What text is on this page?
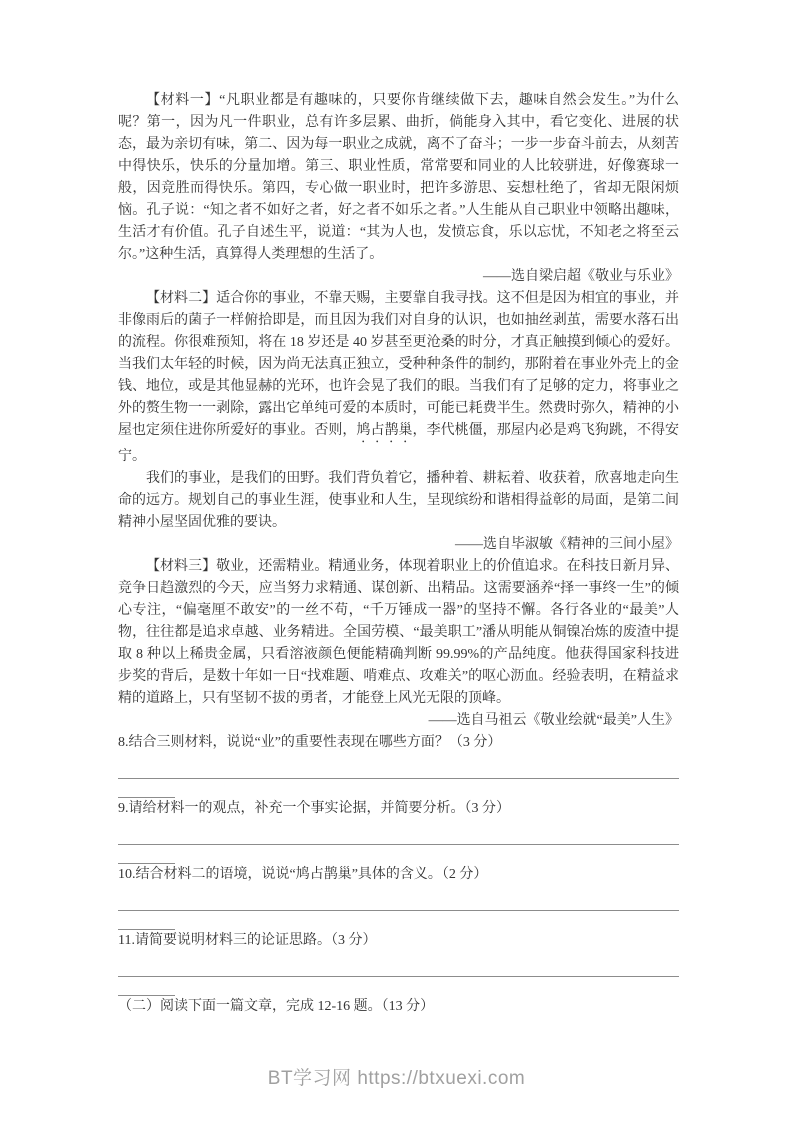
【材料一】“凡职业都是有趣味的，只要你肯继续做下去，趣味自然会发生。”为什么呢？第一，因为凡一件职业，总有许多层累、曲折，倘能身入其中，看它变化、进展的状态，最为亲切有味，第二、因为每一职业之成就，离不了奋斗；一步一步奋斗前去，从刻苦中得快乐，快乐的分量加增。第三、职业性质，常常要和同业的人比较骈进，好像赛球一般，因竞胜而得快乐。第四，专心做一职业时，把许多游思、妄想杜绝了，省却无限闲烦恼。孔子说：“知之者不如好之者，好之者不如乐之者。”人生能从自己职业中领略出趣味，生活才有价值。孔子自述生平，说道：“其为人也，发愤忘食，乐以忘忧，不知老之将至云尔。”这种生活，真算得人类理想的生活了。

——选自梁启超《敬业与乐业》

【材料二】适合你的事业，不靠天赐，主要靠自我寻找。这不但是因为相宜的事业，并非像雨后的菌子一样俯拾即是，而且因为我们对自身的认识，也如抽丝剥茧，需要水落石出的流程。你很难预知，将在 18 岁还是 40 岁甚至更沧桑的时分，才真正触摸到倾心的爱好。当我们太年轻的时候，因为尚无法真正独立，受种种条件的制约，那附着在事业外壳上的金钱、地位，或是其他显赫的光环，也许会晃了我们的眼。当我们有了足够的定力，将事业之外的赘生物一一剥除，露出它单纯可爱的本质时，可能已耗费半生。然费时弥久，精神的小屋也定须住进你所爱好的事业。否则，鸠占鹊巢，李代桃僵，那屋内必是鸡飞狗跳，不得安宁。

我们的事业，是我们的田野。我们背负着它，播种着、耕耘着、收获着，欣喜地走向生命的远方。规划自己的事业生涯，使事业和人生，呈现缤纷和谐相得益彰的局面，是第二间精神小屋坚固优雅的要诀。

——选自毕淑敏《精神的三间小屋》

【材料三】敬业，还需精业。精通业务，体现着职业上的价值追求。在科技日新月异、竞争日趋激烈的今天，应当努力求精通、谋创新、出精品。这需要涵养“择一事终一生”的倾心专注，“偏毫厘不敢安”的一丝不苟，“千万锤成一器”的坚持不懈。各行各业的“最美”人物，往往都是追求卓越、业务精进。全国劳模、“最美职工”潘从明能从铜镍冶炼的废渣中提取 8 种以上稀贵金属，只看溶液颜色便能精确判断 99.99%的产品纯度。他获得国家科技进步奖的背后，是数十年如一日“找难题、啃难点、攻难关”的呕心沥血。经验表明，在精益求精的道路上，只有坚韧不拔的勇者，才能登上风光无限的顶峰。

——选自马祖云《敬业绘就“最美”人生》

8.结合三则材料，说说“业”的重要性表现在哪些方面？（3 分）

9.请给材料一的观点，补充一个事实论据，并简要分析。（3 分）

10.结合材料二的语境，说说“鸠占鹊巢”具体的含义。（2 分）

11.请简要说明材料三的论证思路。（3 分）

（二）阅读下面一篇文章，完成 12-16 题。（13 分）

BT学习网 https://btxuexi.com
